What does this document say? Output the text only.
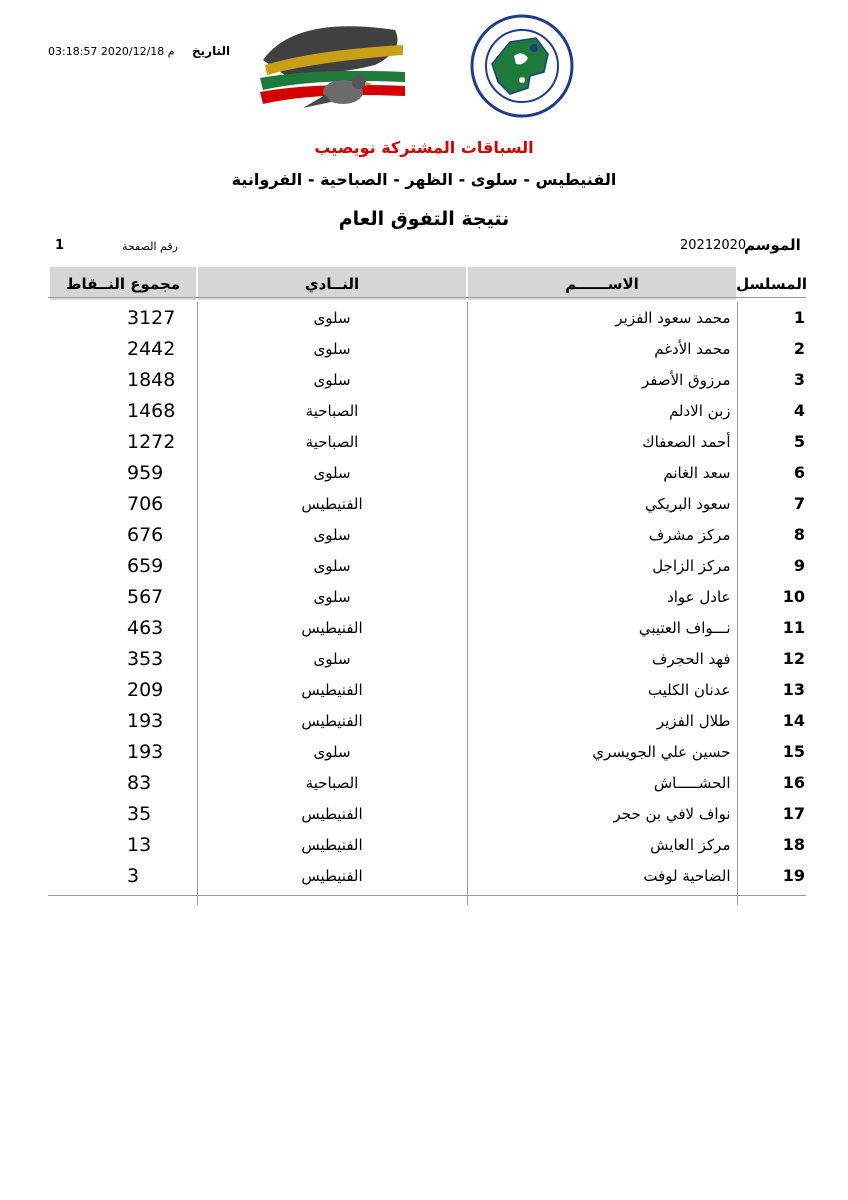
التاريخ
03:18:57 2020/12/18 م
السباقات المشتركة نويصيب
الفنيطيس - سلوى - الظهر - الصباحية - الفروانية
نتيجة التفوق العام
الموسم
20212020
رقم الصفحة
1
المسلسل	الاســــــم	النــادي	مجموع النــقاط
1	محمد سعود الفزير	سلوى	3127
2	محمد الأدغم	سلوى	2442
3	مرزوق الأصفر	سلوى	1848
4	زبن الادلم	الصباحية	1468
5	أحمد الصعفاك	الصباحية	1272
6	سعد الغانم	سلوى	959
7	سعود البريكي	الفنيطيس	706
8	مركز مشرف	سلوى	676
9	مركز الزاجل	سلوى	659
10	عادل عواد	سلوى	567
11	نـــواف العتيبي	الفنيطيس	463
12	فهد الحجرف	سلوى	353
13	عدنان الكليب	الفنيطيس	209
14	طلال الفزير	الفنيطيس	193
15	حسين علي الجويسري	سلوى	193
16	الحشـــــاش	الصباحية	83
17	نواف لافي بن حجر	الفنيطيس	35
18	مركز العايش	الفنيطيس	13
19	الضاحية لوفت	الفنيطيس	3
